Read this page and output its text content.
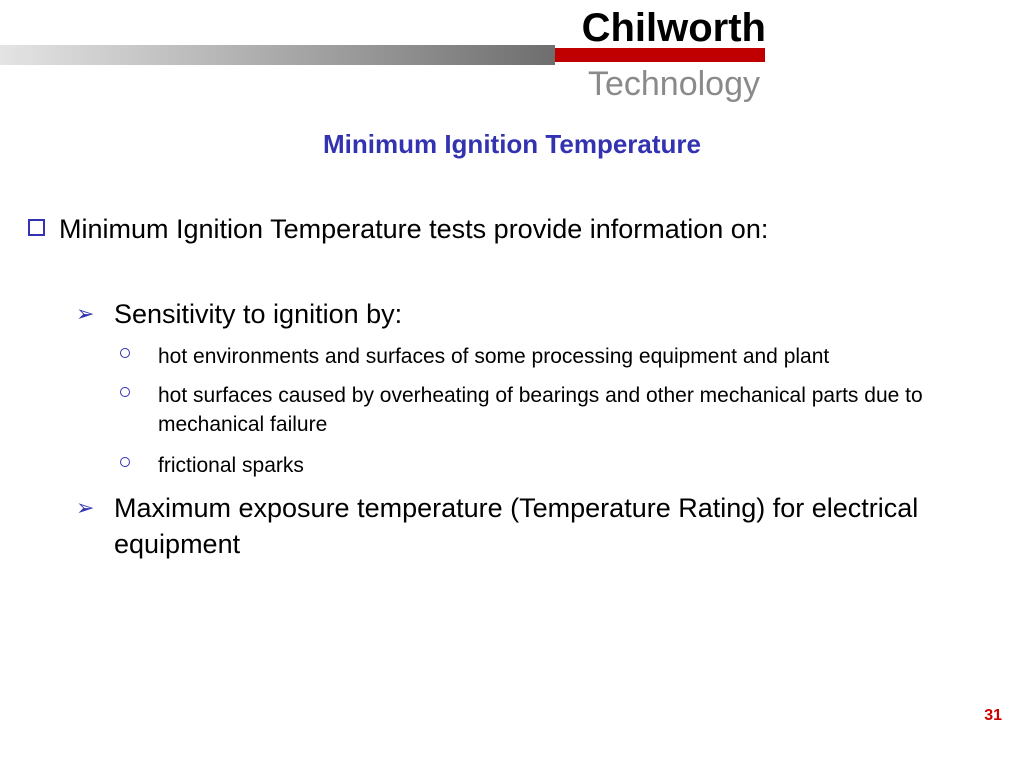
Chilworth
Technology
Minimum Ignition Temperature
Minimum Ignition Temperature tests provide information on:
➢ Sensitivity to ignition by:
hot environments and surfaces of some processing equipment and plant
hot surfaces caused by overheating of bearings and other mechanical parts due to mechanical failure
frictional sparks
➢ Maximum exposure temperature (Temperature Rating) for electrical equipment
31
